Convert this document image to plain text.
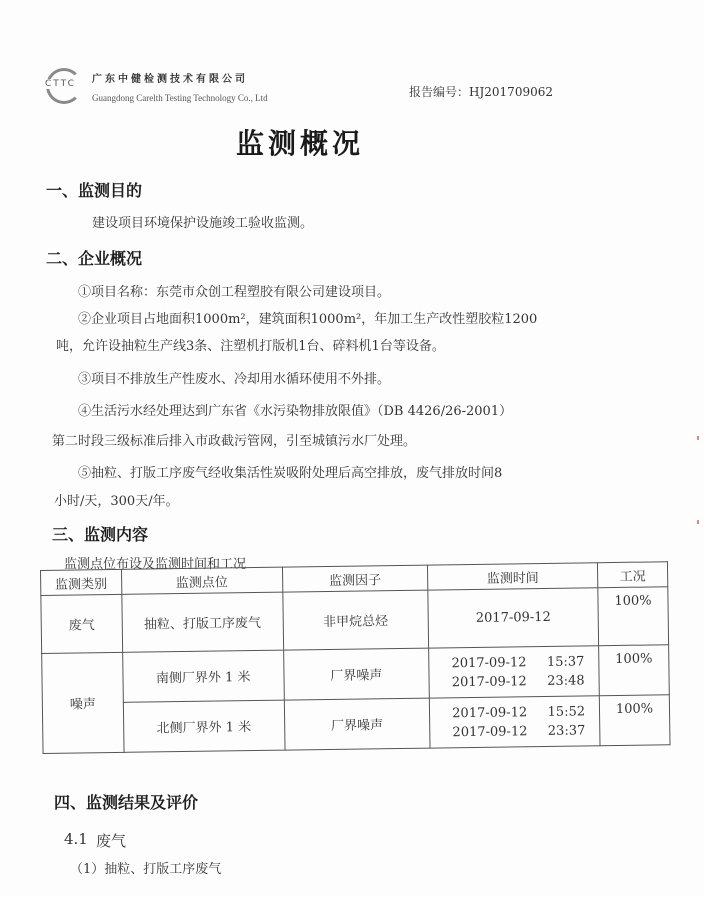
CTTC 广东中健检测技术有限公司
Guangdong Carelth Testing Technology Co., Ltd	报告编号：HJ201709062
监测概况
一、监测目的
建设项目环境保护设施竣工验收监测。
二、企业概况
①项目名称：东莞市众创工程塑胶有限公司建设项目。
②企业项目占地面积1000m²，建筑面积1000m²，年加工生产改性塑胶粒1200
吨，允许设抽粒生产线3条、注塑机打版机1台、碎料机1台等设备。
③项目不排放生产性废水、冷却用水循环使用不外排。
④生活污水经处理达到广东省《水污染物排放限值》（DB 4426/26-2001）
第二时段三级标准后排入市政截污管网，引至城镇污水厂处理。
⑤抽粒、打版工序废气经收集活性炭吸附处理后高空排放，废气排放时间8
小时/天，300天/年。
三、监测内容
监测点位布设及监测时间和工况
监测类别	监测点位	监测因子	监测时间	工况
废气	抽粒、打版工序废气	非甲烷总烃	2017-09-12	100%
噪声	南侧厂界外 1 米	厂界噪声	2017-09-12 15:37
2017-09-12 23:48	100%
	北侧厂界外 1 米	厂界噪声	2017-09-12 15:52
2017-09-12 23:37	100%
四、监测结果及评价
4.1 废气
（1）抽粒、打版工序废气
